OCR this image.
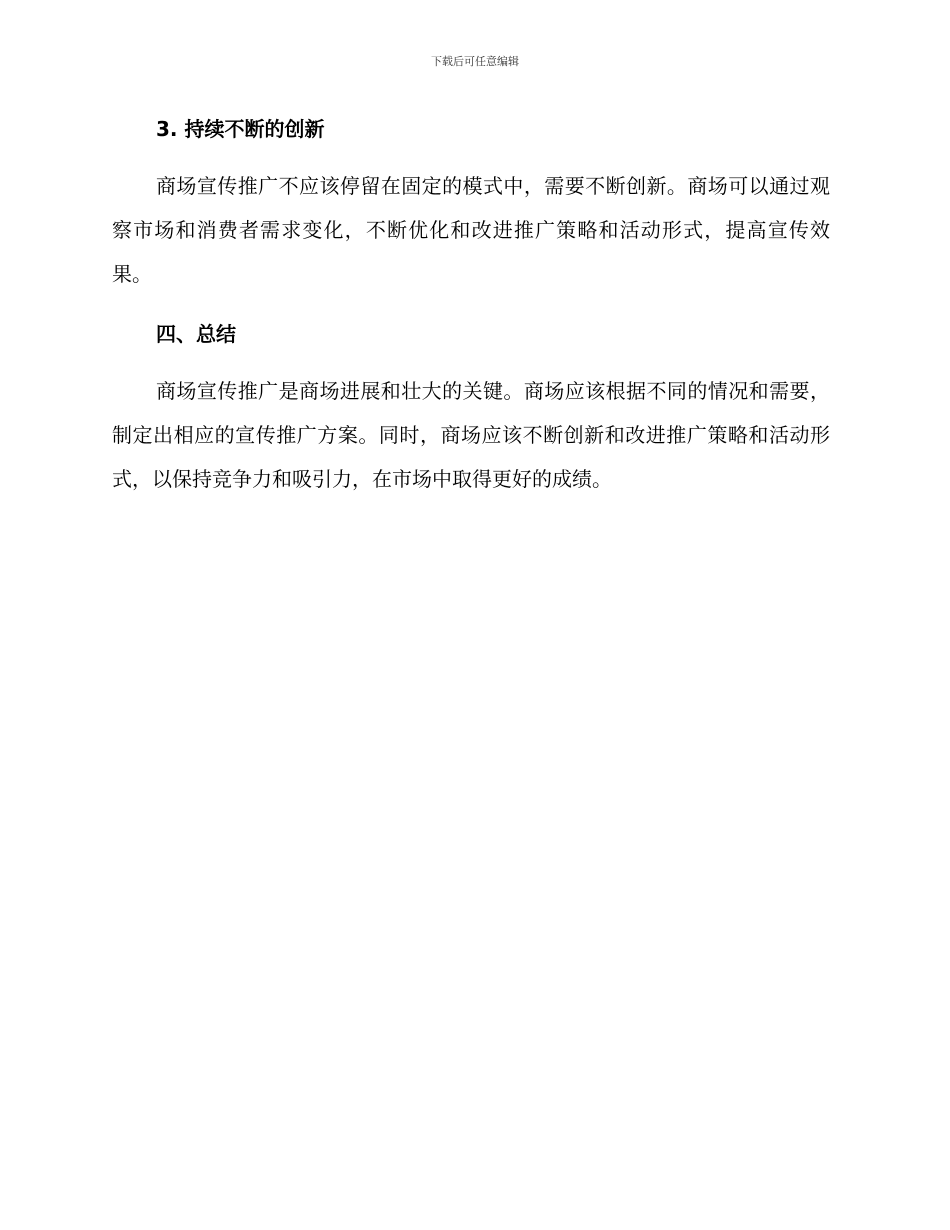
下载后可任意编辑
3. 持续不断的创新

商场宣传推广不应该停留在固定的模式中，需要不断创新。商场可以通过观察市场和消费者需求变化，不断优化和改进推广策略和活动形式，提高宣传效果。

四、总结

商场宣传推广是商场进展和壮大的关键。商场应该根据不同的情况和需要，制定出相应的宣传推广方案。同时，商场应该不断创新和改进推广策略和活动形式，以保持竞争力和吸引力，在市场中取得更好的成绩。
